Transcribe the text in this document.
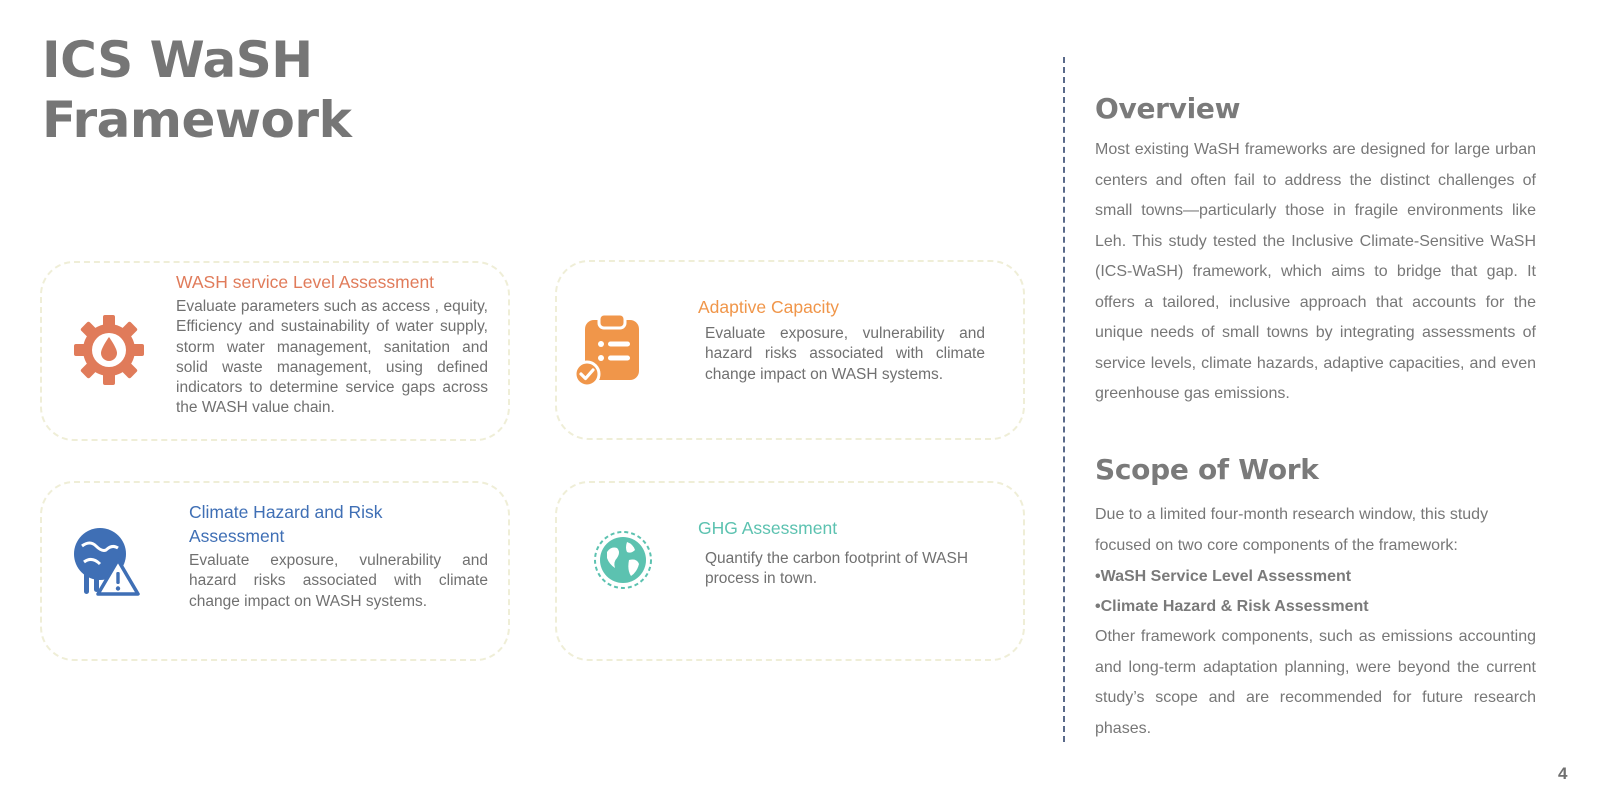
ICS WaSH
Framework

WASH service Level Assessment

Evaluate parameters such as access , equity, Efficiency and sustainability of water supply, storm water management, sanitation and solid waste management, using defined indicators to determine service gaps across the WASH value chain.

Adaptive Capacity

Evaluate exposure, vulnerability and hazard risks associated with climate change impact on WASH systems.

Climate Hazard and Risk Assessment

Evaluate exposure, vulnerability and hazard risks associated with climate change impact on WASH systems.

GHG Assessment

Quantify the carbon footprint of WASH process in town.

Overview

Most existing WaSH frameworks are designed for large urban centers and often fail to address the distinct challenges of small towns—particularly those in fragile environments like Leh. This study tested the Inclusive Climate-Sensitive WaSH (ICS-WaSH) framework, which aims to bridge that gap. It offers a tailored, inclusive approach that accounts for the unique needs of small towns by integrating assessments of service levels, climate hazards, adaptive capacities, and even greenhouse gas emissions.

Scope of Work

Due to a limited four-month research window, this study focused on two core components of the framework:

•WaSH Service Level Assessment

•Climate Hazard & Risk Assessment

Other framework components, such as emissions accounting and long-term adaptation planning, were beyond the current study’s scope and are recommended for future research phases.

4
